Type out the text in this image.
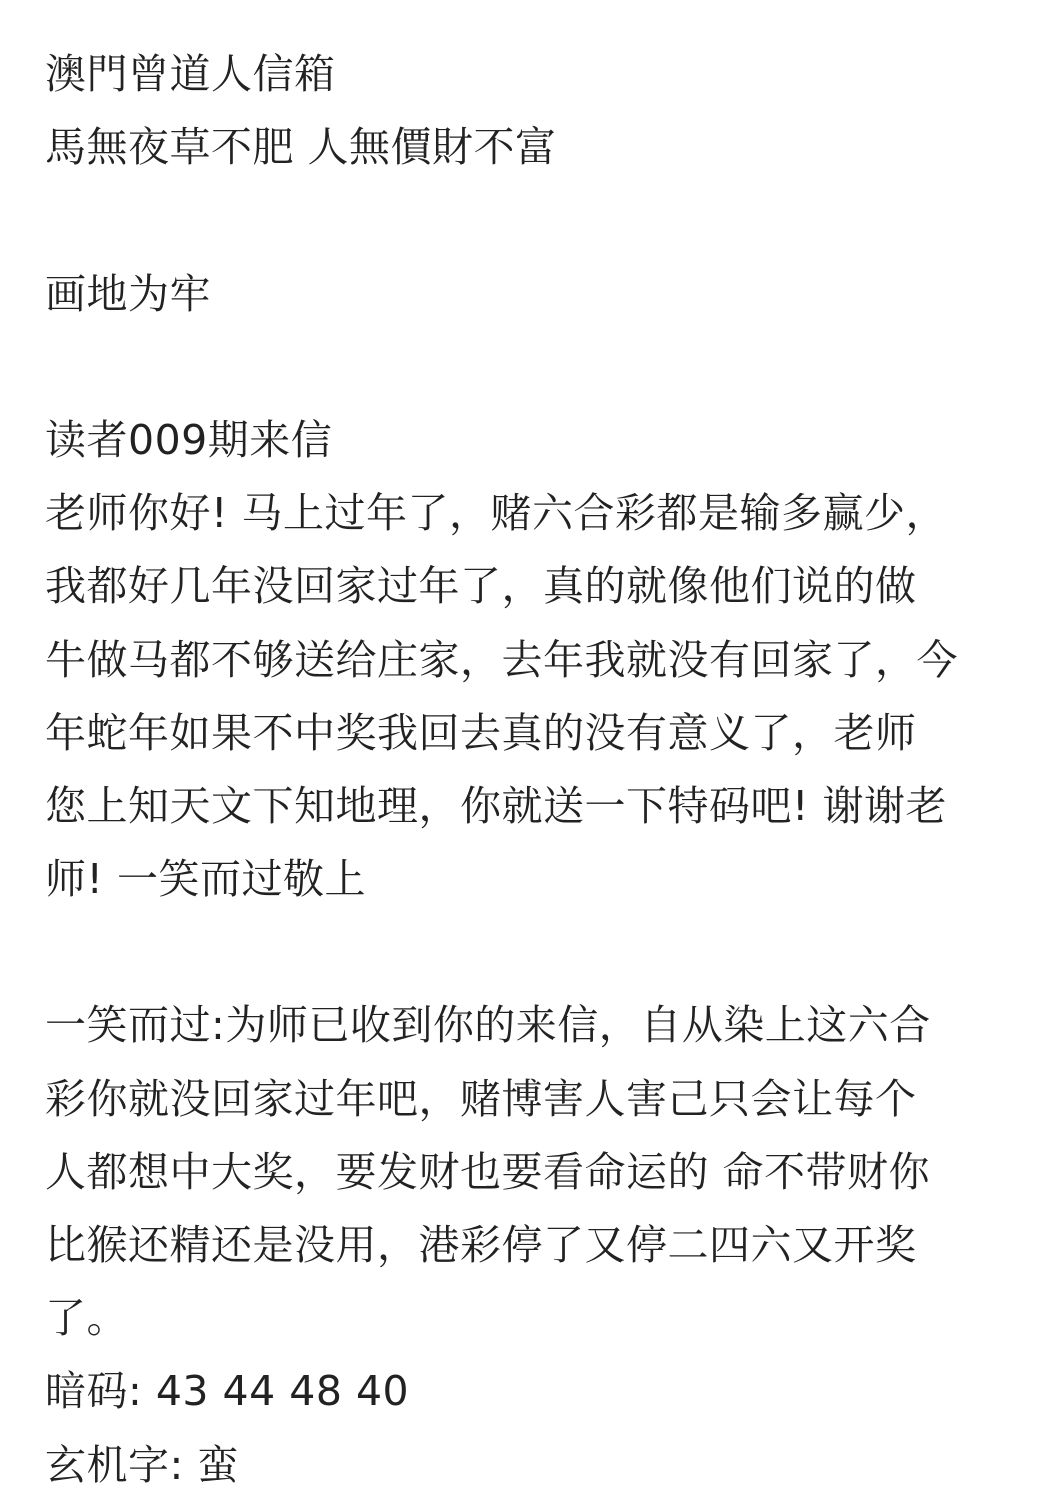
澳門曾道人信箱
馬無夜草不肥 人無價財不富
画地为牢
读者009期来信
老师你好! 马上过年了，赌六合彩都是输多赢少，
我都好几年没回家过年了，真的就像他们说的做
牛做马都不够送给庄家，去年我就没有回家了，今
年蛇年如果不中奖我回去真的没有意义了，老师
您上知天文下知地理，你就送一下特码吧! 谢谢老
师! 一笑而过敬上
一笑而过:为师已收到你的来信，自从染上这六合
彩你就没回家过年吧，赌博害人害己只会让每个
人都想中大奖，要发财也要看命运的 命不带财你
比猴还精还是没用，港彩停了又停二四六又开奖
了。
暗码: 43 44 48 40
玄机字: 蛮
